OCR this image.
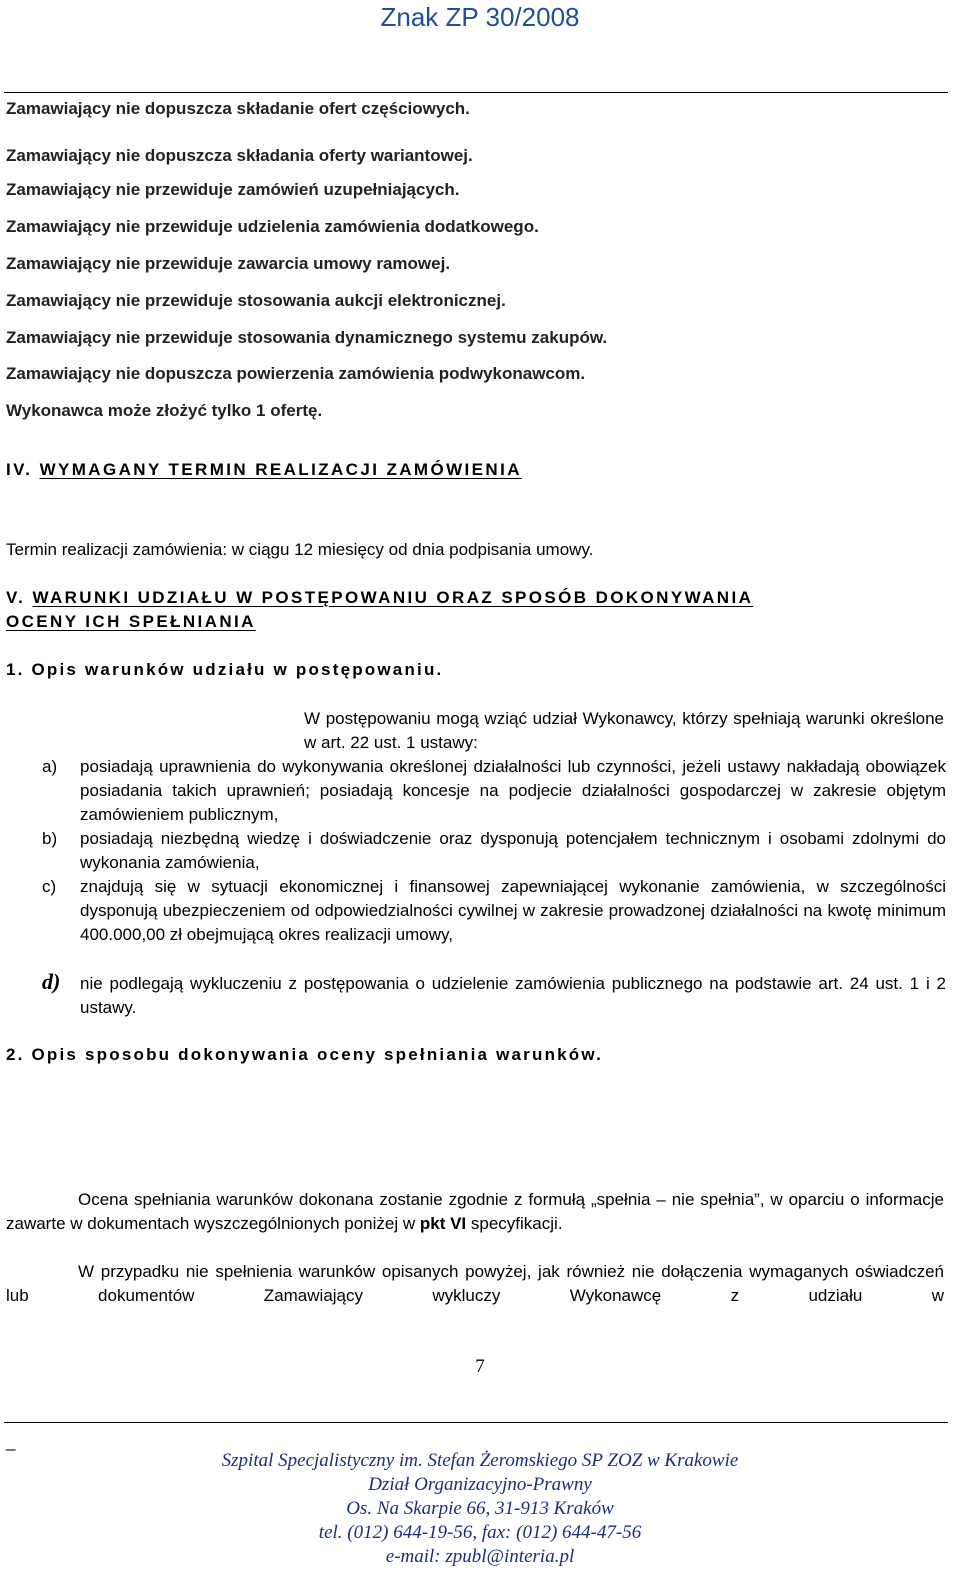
Znak ZP 30/2008
Zamawiający nie dopuszcza składanie ofert częściowych.
Zamawiający nie dopuszcza składania oferty wariantowej.
Zamawiający nie przewiduje zamówień uzupełniających.
Zamawiający nie przewiduje udzielenia zamówienia dodatkowego.
Zamawiający nie przewiduje zawarcia umowy ramowej.
Zamawiający nie przewiduje stosowania aukcji elektronicznej.
Zamawiający nie przewiduje stosowania dynamicznego systemu zakupów.
Zamawiający nie dopuszcza powierzenia zamówienia podwykonawcom.
Wykonawca może złożyć tylko 1 ofertę.
IV. WYMAGANY TERMIN REALIZACJI ZAMÓWIENIA
Termin realizacji zamówienia: w ciągu 12 miesięcy od dnia podpisania umowy.
V. WARUNKI UDZIAŁU W POSTĘPOWANIU ORAZ SPOSÓB DOKONYWANIA
OCENY ICH SPEŁNIANIA
1. Opis warunków udziału w postępowaniu.
W postępowaniu mogą wziąć udział Wykonawcy, którzy spełniają warunki określone w art. 22 ust. 1 ustawy:
a) posiadają uprawnienia do wykonywania określonej działalności lub czynności, jeżeli ustawy nakładają obowiązek posiadania takich uprawnień; posiadają koncesje na podjecie działalności gospodarczej w zakresie objętym zamówieniem publicznym,
b) posiadają niezbędną wiedzę i doświadczenie oraz dysponują potencjałem technicznym i osobami zdolnymi do wykonania zamówienia,
c) znajdują się w sytuacji ekonomicznej i finansowej zapewniającej wykonanie zamówienia, w szczególności dysponują ubezpieczeniem od odpowiedzialności cywilnej w zakresie prowadzonej działalności na kwotę minimum 400.000,00 zł obejmującą okres realizacji umowy,
d) nie podlegają wykluczeniu z postępowania o udzielenie zamówienia publicznego na podstawie art. 24 ust. 1 i 2 ustawy.
2. Opis sposobu dokonywania oceny spełniania warunków.
Ocena spełniania warunków dokonana zostanie zgodnie z formułą „spełnia – nie spełnia”, w oparciu o informacje zawarte w dokumentach wyszczególnionych poniżej w pkt VI specyfikacji.
W przypadku nie spełnienia warunków opisanych powyżej, jak również nie dołączenia wymaganych oświadczeń lub dokumentów Zamawiający wykluczy Wykonawcę z udziału w
7
_
Szpital Specjalistyczny im. Stefan Żeromskiego SP ZOZ w Krakowie
Dział Organizacyjno-Prawny
Os. Na Skarpie 66, 31-913 Kraków
tel. (012) 644-19-56, fax: (012) 644-47-56
e-mail: zpubl@interia.pl
